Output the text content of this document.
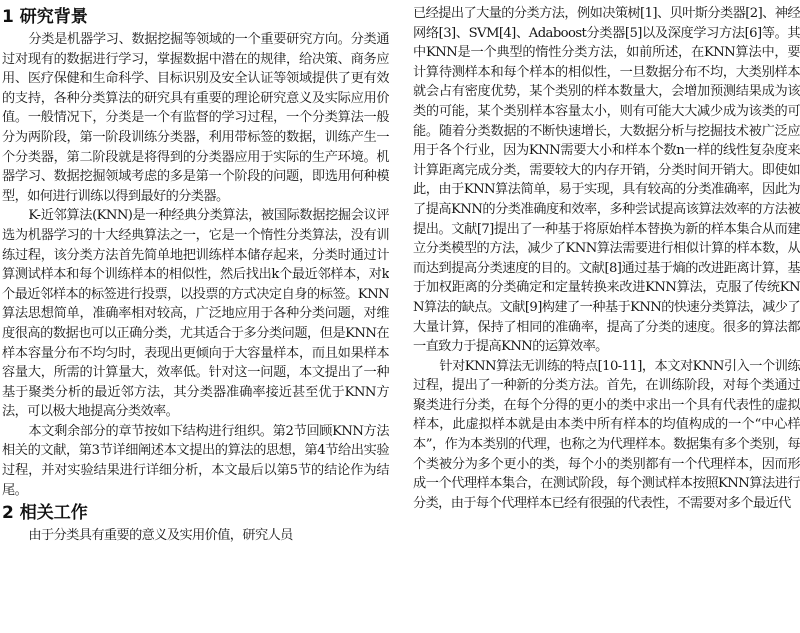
1 研究背景

分类是机器学习、数据挖掘等领域的一个重要研究方向。分类通过对现有的数据进行学习，掌握数据中潜在的规律，给决策、商务应用、医疗保健和生命科学、目标识别及安全认证等领域提供了更有效的支持，各种分类算法的研究具有重要的理论研究意义及实际应用价值。一般情况下，分类是一个有监督的学习过程，一个分类算法一般分为两阶段，第一阶段训练分类器，利用带标签的数据，训练产生一个分类器，第二阶段就是将得到的分类器应用于实际的生产环境。机器学习、数据挖掘领域考虑的多是第一个阶段的问题，即选用何种模型，如何进行训练以得到最好的分类器。

K-近邻算法(KNN)是一种经典分类算法，被国际数据挖掘会议评选为机器学习的十大经典算法之一，它是一个惰性分类算法，没有训练过程，该分类方法首先简单地把训练样本储存起来，分类时通过计算测试样本和每个训练样本的相似性，然后找出k个最近邻样本，对k个最近邻样本的标签进行投票，以投票的方式决定自身的标签。KNN算法思想简单，准确率相对较高，广泛地应用于各种分类问题，对维度很高的数据也可以正确分类，尤其适合于多分类问题，但是KNN在样本容量分布不均匀时，表现出更倾向于大容量样本，而且如果样本容量大，所需的计算量大，效率低。针对这一问题，本文提出了一种基于聚类分析的最近邻方法，其分类器准确率接近甚至优于KNN方法，可以极大地提高分类效率。

本文剩余部分的章节按如下结构进行组织。第2节回顾KNN方法相关的文献，第3节详细阐述本文提出的算法的思想，第4节给出实验过程，并对实验结果进行详细分析，本文最后以第5节的结论作为结尾。

2 相关工作

由于分类具有重要的意义及实用价值，研究人员

已经提出了大量的分类方法，例如决策树[1]、贝叶斯分类器[2]、神经网络[3]、SVM[4]、Adaboost分类器[5]以及深度学习方法[6]等。其中KNN是一个典型的惰性分类方法，如前所述，在KNN算法中，要计算待测样本和每个样本的相似性，一旦数据分布不均，大类别样本就会占有密度优势，某个类别的样本数量大，会增加预测结果成为该类的可能，某个类别样本容量太小，则有可能大大减少成为该类的可能。随着分类数据的不断快速增长，大数据分析与挖掘技术被广泛应用于各个行业，因为KNN需要大小和样本个数n一样的线性复杂度来计算距离完成分类，需要较大的内存开销，分类时间开销大。即使如此，由于KNN算法简单，易于实现，具有较高的分类准确率，因此为了提高KNN的分类准确度和效率，多种尝试提高该算法效率的方法被提出。文献[7]提出了一种基于将原始样本替换为新的样本集合从而建立分类模型的方法，减少了KNN算法需要进行相似计算的样本数，从而达到提高分类速度的目的。文献[8]通过基于熵的改进距离计算，基于加权距离的分类确定和定量转换来改进KNN算法，克服了传统KNN算法的缺点。文献[9]构建了一种基于KNN的快速分类算法，减少了大量计算，保持了相同的准确率，提高了分类的速度。很多的算法都一直致力于提高KNN的运算效率。

针对KNN算法无训练的特点[10-11]，本文对KNN引入一个训练过程，提出了一种新的分类方法。首先，在训练阶段，对每个类通过聚类进行分类，在每个分得的更小的类中求出一个具有代表性的虚拟样本，此虚拟样本就是由本类中所有样本的均值构成的一个“中心样本”，作为本类别的代理，也称之为代理样本。数据集有多个类别，每个类被分为多个更小的类，每个小的类别都有一个代理样本，因而形成一个代理样本集合，在测试阶段，每个测试样本按照KNN算法进行分类，由于每个代理样本已经有很强的代表性，不需要对多个最近代
